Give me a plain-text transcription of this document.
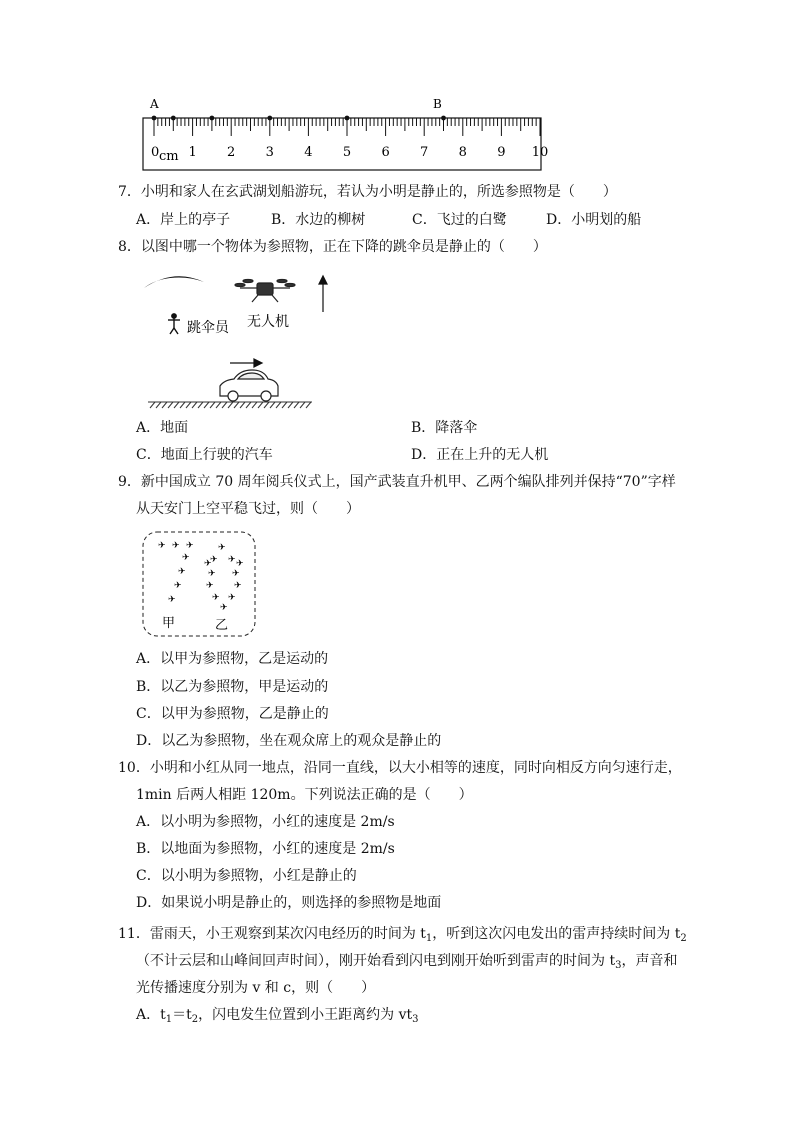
A	B
0 cm 1 2 3 4 5 6 7 8 9 10
7．小明和家人在玄武湖划船游玩，若认为小明是静止的，所选参照物是（　　）
A．岸上的亭子	B．水边的柳树	C．飞过的白鹭	D．小明划的船
8．以图中哪一个物体为参照物，正在下降的跳伞员是静止的（　　）
跳伞员 无人机
A．地面	B．降落伞
C．地面上行驶的汽车	D．正在上升的无人机
9．新中国成立 70 周年阅兵仪式上，国产武装直升机甲、乙两个编队排列并保持“70”字样
从天安门上空平稳飞过，则（　　）
✈ ✈ ✈
✈
✈
✈
✈
✈
✈ ✈
✈ ✈
✈ ✈
✈ ✈
✈
✈	✈
甲	乙
A．以甲为参照物，乙是运动的
B．以乙为参照物，甲是运动的
C．以甲为参照物，乙是静止的
D．以乙为参照物，坐在观众席上的观众是静止的
10．小明和小红从同一地点，沿同一直线，以大小相等的速度，同时向相反方向匀速行走，
1min 后两人相距 120m。下列说法正确的是（　　）
A．以小明为参照物，小红的速度是 2m/s
B．以地面为参照物，小红的速度是 2m/s
C．以小明为参照物，小红是静止的
D．如果说小明是静止的，则选择的参照物是地面
11．雷雨天，小王观察到某次闪电经历的时间为 $t_1$，听到这次闪电发出的雷声持续时间为 $t_2$
（不计云层和山峰间回声时间），刚开始看到闪电到刚开始听到雷声的时间为 $t_3$，声音和
光传播速度分别为 v 和 c，则（　　）
A．$t_1=t_2$，闪电发生位置到小王距离约为 $vt_3$
